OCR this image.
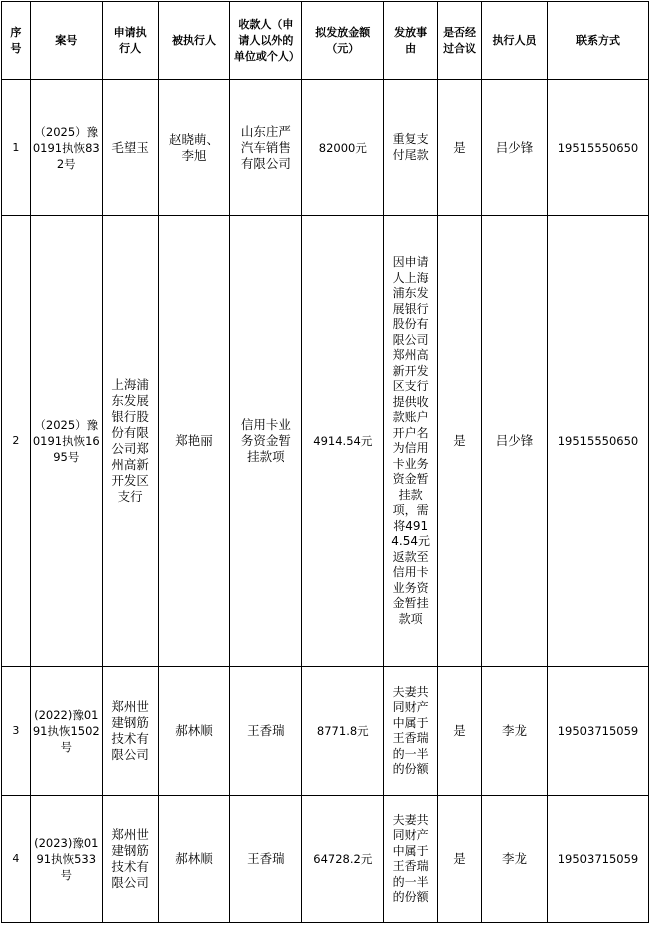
序号	案号	申请执行人	被执行人	收款人（申请人以外的单位或个人）	拟发放金额（元）	发放事由	是否经过合议	执行人员	联系方式

1	（2025）豫0191执恢832号	毛望玉	赵晓萌、李旭	山东庄严汽车销售有限公司	82000元	重复支付尾款	是	吕少锋	19515550650

2	（2025）豫0191执恢1695号	上海浦东发展银行股份有限公司郑州高新开发区支行	郑艳丽	信用卡业务资金暂挂款项	4914.54元	因申请人上海浦东发展银行股份有限公司郑州高新开发区支行提供收款账户开户名为信用卡业务资金暂挂款项，需将4914.54元返款至信用卡业务资金暂挂款项	是	吕少锋	19515550650

3	(2022)豫0191执恢1502号	郑州世建钢筋技术有限公司	郝林顺	王香瑞	8771.8元	夫妻共同财产中属于王香瑞的一半的份额	是	李龙	19503715059

4	(2023)豫0191执恢533号	郑州世建钢筋技术有限公司	郝林顺	王香瑞	64728.2元	夫妻共同财产中属于王香瑞的一半的份额	是	李龙	19503715059
